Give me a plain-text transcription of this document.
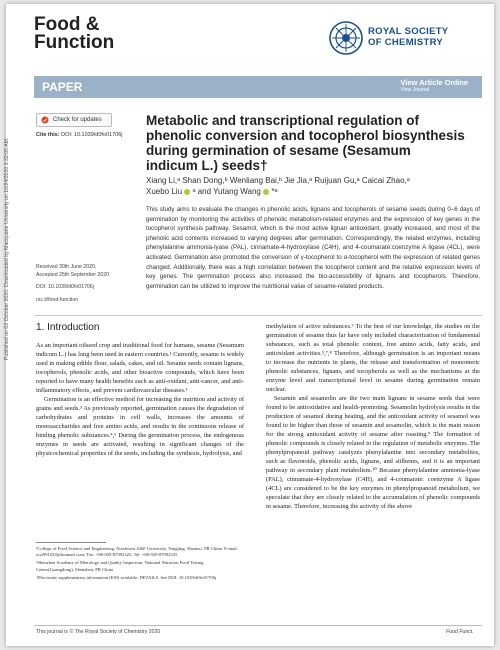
Published on 02 October 2020. Downloaded by Macquarie University on 10/24/2020 3:32:00 AM.
Food &
Function
ROYAL SOCIETY
OF CHEMISTRY
PAPER	View Article Online
View Journal
Check for updates
Cite this: DOI: 10.1039/d0fo01706j
Metabolic and transcriptional regulation of phenolic conversion and tocopherol biosynthesis during germination of sesame (Sesamum indicum L.) seeds†
Xiang Li,ᵃ Shan Dong,ᵇ Wenliang Bai,ᵇ Jie Jia,ᵃ Ruijuan Gu,ᵃ Caicai Zhao,ᵃ
Xuebo Liu ᵃ and Yutang Wang *ᵃ
This study aims to evaluate the changes in phenolic acids, lignans and tocopherols of sesame seeds during 0–6 days of germination by monitoring the activities of phenolic metabolism-related enzymes and the expression of key genes in the tocopherol synthesis pathway. Sesamol, which is the most active lignan antioxidant, greatly increased, and most of the phenolic acid contents increased to varying degrees after germination. Correspondingly, the related enzymes, including phenylalanine ammonia-lyase (PAL), cinnamate-4-hydroxylase (C4H), and 4-coumarate:coenzyme A ligase (4CL), were activated. Germination also promoted the conversion of γ-tocopherol to α-tocopherol with the expression of related genes changed. Additionally, there was a high correlation between the tocopherol content and the relative expression levels of key genes. The germination process also increased the bio-accessibility of lignans and tocopherols. Therefore, germination can be utilized to improve the nutritional value of sesame-related products.
Received 30th June 2020,
Accepted 25th September 2020
DOI: 10.1039/d0fo01706j
rsc.li/food-function
1. Introduction

As an important oilseed crop and traditional food for humans, sesame (Sesamum indicum L.) has long been used in eastern countries.¹ Currently, sesame is widely used in making edible flour, salads, cakes, and oil. Sesame seeds contain lignans, tocopherols, phenolic acids, and other bioactive compounds, which have been reported to have many health benefits such as anti-oxidant, anti-cancer, and anti-inflammatory effects, and prevent cardiovascular diseases.²

Germination is an effective method for increasing the nutrition and activity of grains and seeds.³ As previously reported, germination causes the degradation of carbohydrates and proteins in cell walls, increases the amounts of monosaccharides and free amino acids, and results in the continuous release of binding phenolic substances.⁴,⁵ During the germination process, the endogenous enzymes in seeds are activated, resulting in significant changes of the physicochemical properties of the seeds, including the synthesis, hydrolysis, and

ᵃCollege of Food Science and Engineering, Northwest A&F University, Yangling, Shaanxi, PR China. E-mail: wyt991023@hotmail.com; Fax: +86-029-87092325; Tel: +86-029-87092325

ᵇShenzhen Academy of Metrology and Quality Inspection, National Nutrition Food Testing Center(Guangdong), Shenzhen, PR China

†Electronic supplementary information (ESI) available: DETAILS. See DOI: 10.1039/d0fo01706j

methylation of active substances.⁶ To the best of our knowledge, the studies on the germination of sesame thus far have only included characterization of fundamental substances, such as total phenolic content, free amino acids, fatty acids, and antioxidant activities.⁵,⁷,⁸ Therefore, although germination is an important means to increase the nutrients in plants, the release and transformation of monomeric phenolic substances, lignans, and tocopherols as well as the mechanisms at the enzyme level and transcriptional level in sesame during germination remain unclear.

Sesamin and sesamolin are the two main lignans in sesame seeds that were found to be antioxidative and health-promoting. Sesamolin hydrolysis results in the production of sesamol during heating, and the antioxidant activity of sesamol was found to be higher than those of sesamin and sesamolin, which is the main reason for the strong antioxidant activity of sesame after roasting.⁹ The formation of phenolic compounds is closely related to the regulation of metabolic enzymes. The phenylpropanoid pathway catalyzes phenylalanine into secondary metabolites, such as flavonoids, phenolic acids, lignans, and stilbenes, and it is an important pathway in secondary plant metabolism.¹⁰ Because phenylalanine ammonia-lyase (PAL), cinnamate-4-hydroxylase (C4H), and 4-coumarate: coenzyme A ligase (4CL) are considered to be the key enzymes in phenylpropanoid metabolism, we speculate that they are closely related to the accumulation of phenolic compounds in sesame. Therefore, increasing the activity of the above

This journal is © The Royal Society of Chemistry 2020	Food Funct.
